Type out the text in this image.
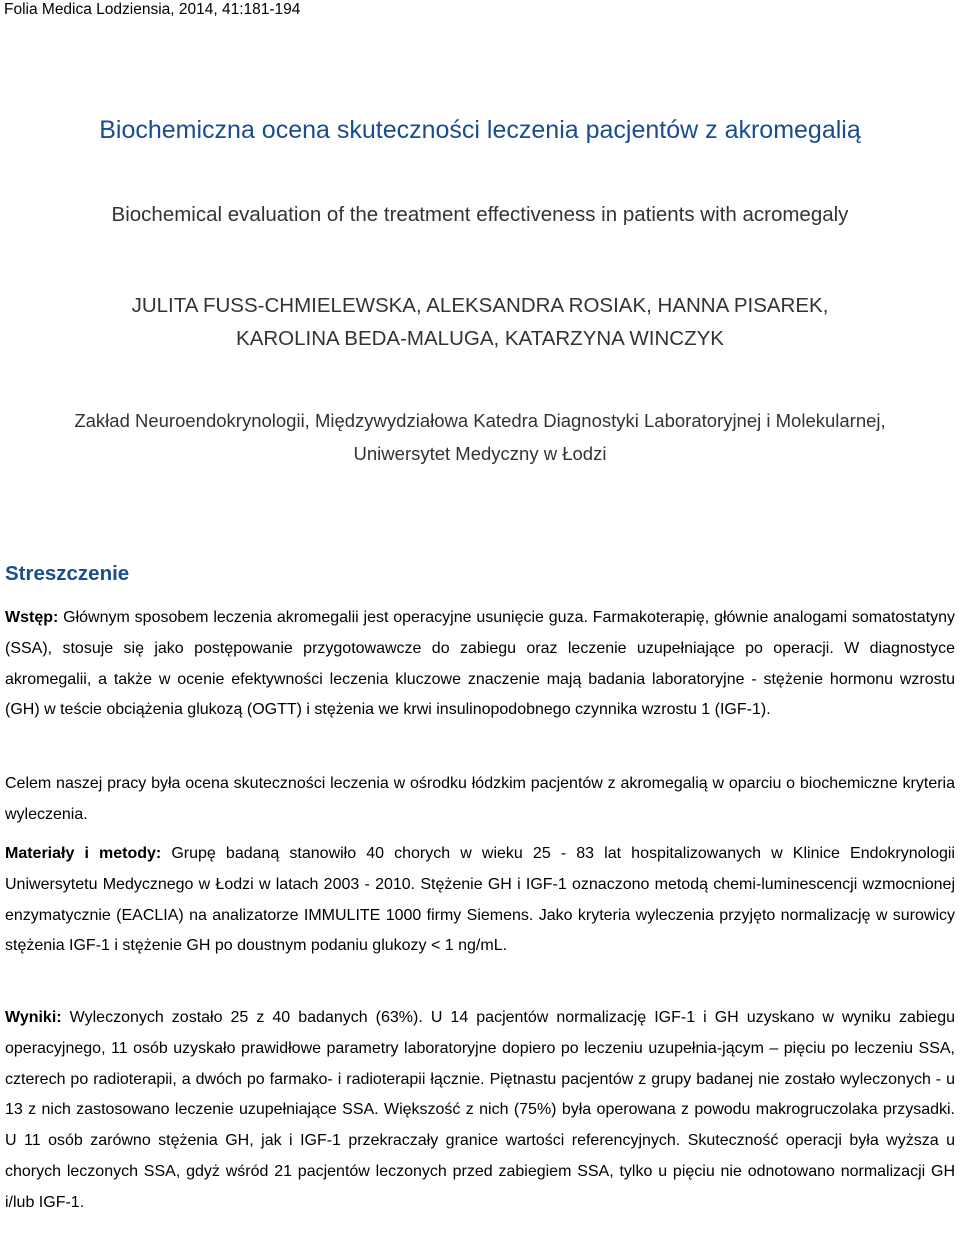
Folia Medica Lodziensia, 2014, 41:181-194
Biochemiczna ocena skuteczności leczenia pacjentów z akromegalią
Biochemical evaluation of the treatment effectiveness in patients with acromegaly
JULITA FUSS-CHMIELEWSKA, ALEKSANDRA ROSIAK, HANNA PISAREK,
KAROLINA BEDA-MALUGA, KATARZYNA WINCZYK
Zakład Neuroendokrynologii, Międzywydziałowa Katedra Diagnostyki Laboratoryjnej i Molekularnej,
Uniwersytet Medyczny w Łodzi
Streszczenie
Wstęp: Głównym sposobem leczenia akromegalii jest operacyjne usunięcie guza. Farmakoterapię, głównie analogami somatostatyny (SSA), stosuje się jako postępowanie przygotowawcze do zabiegu oraz leczenie uzupełniające po operacji. W diagnostyce akromegalii, a także w ocenie efektywności leczenia kluczowe znaczenie mają badania laboratoryjne - stężenie hormonu wzrostu (GH) w teście obciążenia glukozą (OGTT) i stężenia we krwi insulinopodobnego czynnika wzrostu 1 (IGF-1).
Celem naszej pracy była ocena skuteczności leczenia w ośrodku łódzkim pacjentów z akromegalią w oparciu o biochemiczne kryteria wyleczenia.
Materiały i metody: Grupę badaną stanowiło 40 chorych w wieku 25 - 83 lat hospitalizowanych w Klinice Endokrynologii Uniwersytetu Medycznego w Łodzi w latach 2003 - 2010. Stężenie GH i IGF-1 oznaczono metodą chemi-luminescencji wzmocnionej enzymatycznie (EACLIA) na analizatorze IMMULITE 1000 firmy Siemens. Jako kryteria wyleczenia przyjęto normalizację w surowicy stężenia IGF-1 i stężenie GH po doustnym podaniu glukozy < 1 ng/mL.
Wyniki: Wyleczonych zostało 25 z 40 badanych (63%). U 14 pacjentów normalizację IGF-1 i GH uzyskano w wyniku zabiegu operacyjnego, 11 osób uzyskało prawidłowe parametry laboratoryjne dopiero po leczeniu uzupełnia-jącym – pięciu po leczeniu SSA, czterech po radioterapii, a dwóch po farmako- i radioterapii łącznie. Piętnastu pacjentów z grupy badanej nie zostało wyleczonych - u 13 z nich zastosowano leczenie uzupełniające SSA. Większość z nich (75%) była operowana z powodu makrogruczolaka przysadki. U 11 osób zarówno stężenia GH, jak i IGF-1 przekraczały granice wartości referencyjnych. Skuteczność operacji była wyższa u chorych leczonych SSA, gdyż wśród 21 pacjentów leczonych przed zabiegiem SSA, tylko u pięciu nie odnotowano normalizacji GH i/lub IGF-1.
